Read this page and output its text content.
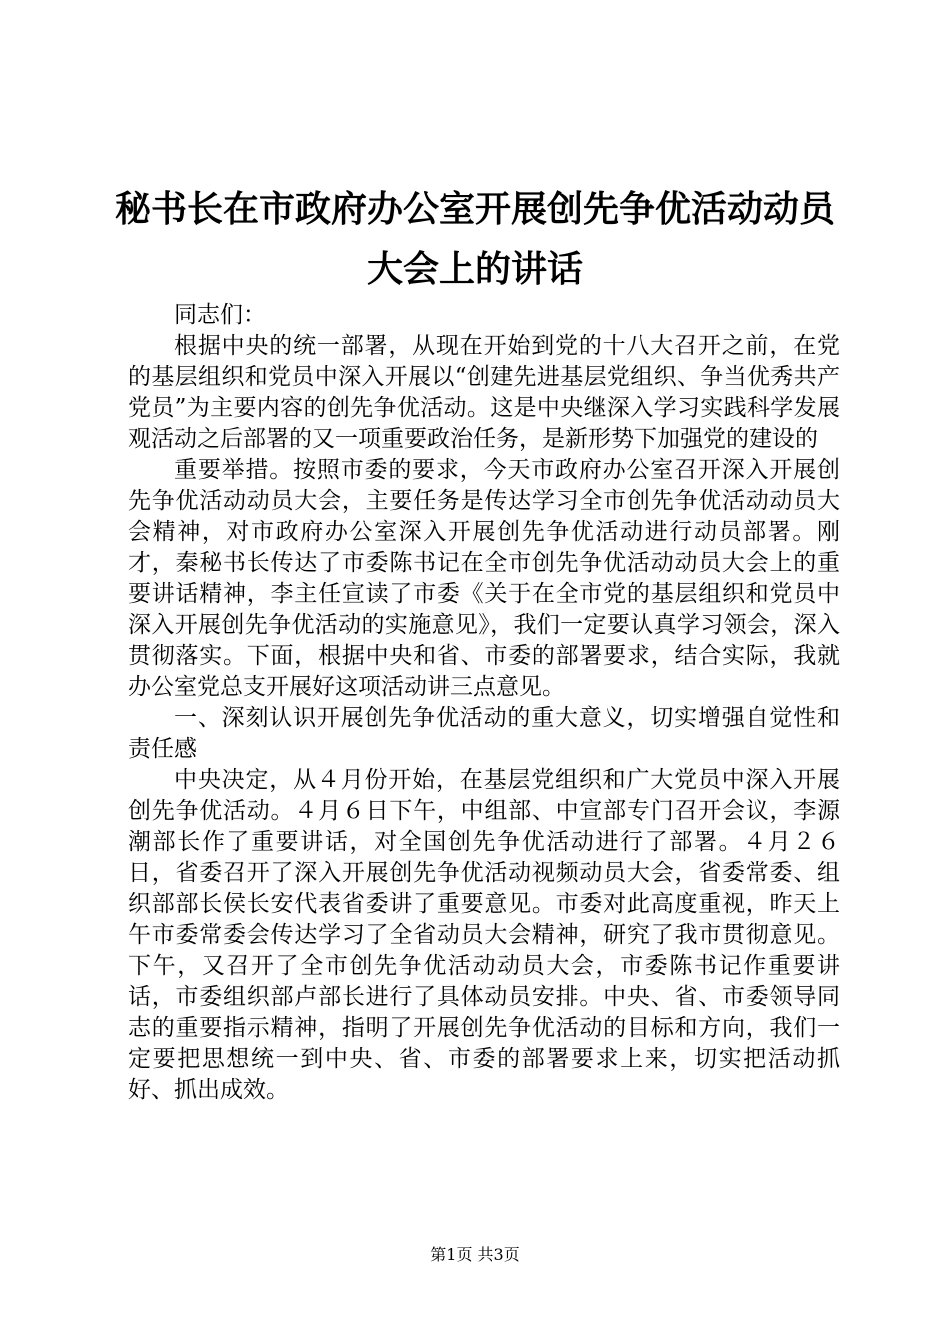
秘书长在市政府办公室开展创先争优活动动员
大会上的讲话

同志们：

根据中央的统一部署，从现在开始到党的十八大召开之前，在党的基层组织和党员中深入开展以“创建先进基层党组织、争当优秀共产党员”为主要内容的创先争优活动。这是中央继深入学习实践科学发展观活动之后部署的又一项重要政治任务，是新形势下加强党的建设的

重要举措。按照市委的要求，今天市政府办公室召开深入开展创先争优活动动员大会，主要任务是传达学习全市创先争优活动动员大会精神，对市政府办公室深入开展创先争优活动进行动员部署。刚才，秦秘书长传达了市委陈书记在全市创先争优活动动员大会上的重要讲话精神，李主任宣读了市委《关于在全市党的基层组织和党员中深入开展创先争优活动的实施意见》，我们一定要认真学习领会，深入贯彻落实。下面，根据中央和省、市委的部署要求，结合实际，我就办公室党总支开展好这项活动讲三点意见。

一、深刻认识开展创先争优活动的重大意义，切实增强自觉性和责任感

中央决定，从４月份开始，在基层党组织和广大党员中深入开展创先争优活动。４月６日下午，中组部、中宣部专门召开会议，李源潮部长作了重要讲话，对全国创先争优活动进行了部署。４月２６日，省委召开了深入开展创先争优活动视频动员大会，省委常委、组织部部长侯长安代表省委讲了重要意见。市委对此高度重视，昨天上午市委常委会传达学习了全省动员大会精神，研究了我市贯彻意见。下午，又召开了全市创先争优活动动员大会，市委陈书记作重要讲话，市委组织部卢部长进行了具体动员安排。中央、省、市委领导同志的重要指示精神，指明了开展创先争优活动的目标和方向，我们一定要把思想统一到中央、省、市委的部署要求上来，切实把活动抓好、抓出成效。

第1页 共3页
